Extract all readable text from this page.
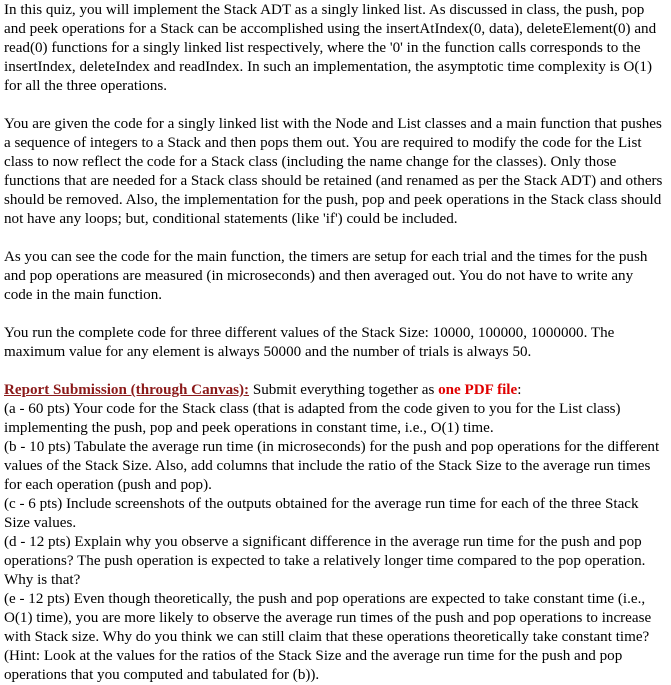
In this quiz, you will implement the Stack ADT as a singly linked list. As discussed in class, the push, pop and peek operations for a Stack can be accomplished using the insertAtIndex(0, data), deleteElement(0) and read(0) functions for a singly linked list respectively, where the '0' in the function calls corresponds to the insertIndex, deleteIndex and readIndex. In such an implementation, the asymptotic time complexity is O(1) for all the three operations.

You are given the code for a singly linked list with the Node and List classes and a main function that pushes a sequence of integers to a Stack and then pops them out. You are required to modify the code for the List class to now reflect the code for a Stack class (including the name change for the classes). Only those functions that are needed for a Stack class should be retained (and renamed as per the Stack ADT) and others should be removed. Also, the implementation for the push, pop and peek operations in the Stack class should not have any loops; but, conditional statements (like 'if') could be included.

As you can see the code for the main function, the timers are setup for each trial and the times for the push and pop operations are measured (in microseconds) and then averaged out. You do not have to write any code in the main function.

You run the complete code for three different values of the Stack Size: 10000, 100000, 1000000. The maximum value for any element is always 50000 and the number of trials is always 50.

Report Submission (through Canvas): Submit everything together as one PDF file:
(a - 60 pts) Your code for the Stack class (that is adapted from the code given to you for the List class) implementing the push, pop and peek operations in constant time, i.e., O(1) time.
(b - 10 pts) Tabulate the average run time (in microseconds) for the push and pop operations for the different values of the Stack Size. Also, add columns that include the ratio of the Stack Size to the average run times for each operation (push and pop).
(c - 6 pts) Include screenshots of the outputs obtained for the average run time for each of the three Stack Size values.
(d - 12 pts) Explain why you observe a significant difference in the average run time for the push and pop operations? The push operation is expected to take a relatively longer time compared to the pop operation. Why is that?
(e - 12 pts) Even though theoretically, the push and pop operations are expected to take constant time (i.e., O(1) time), you are more likely to observe the average run times of the push and pop operations to increase with Stack size. Why do you think we can still claim that these operations theoretically take constant time? (Hint: Look at the values for the ratios of the Stack Size and the average run time for the push and pop operations that you computed and tabulated for (b)).
